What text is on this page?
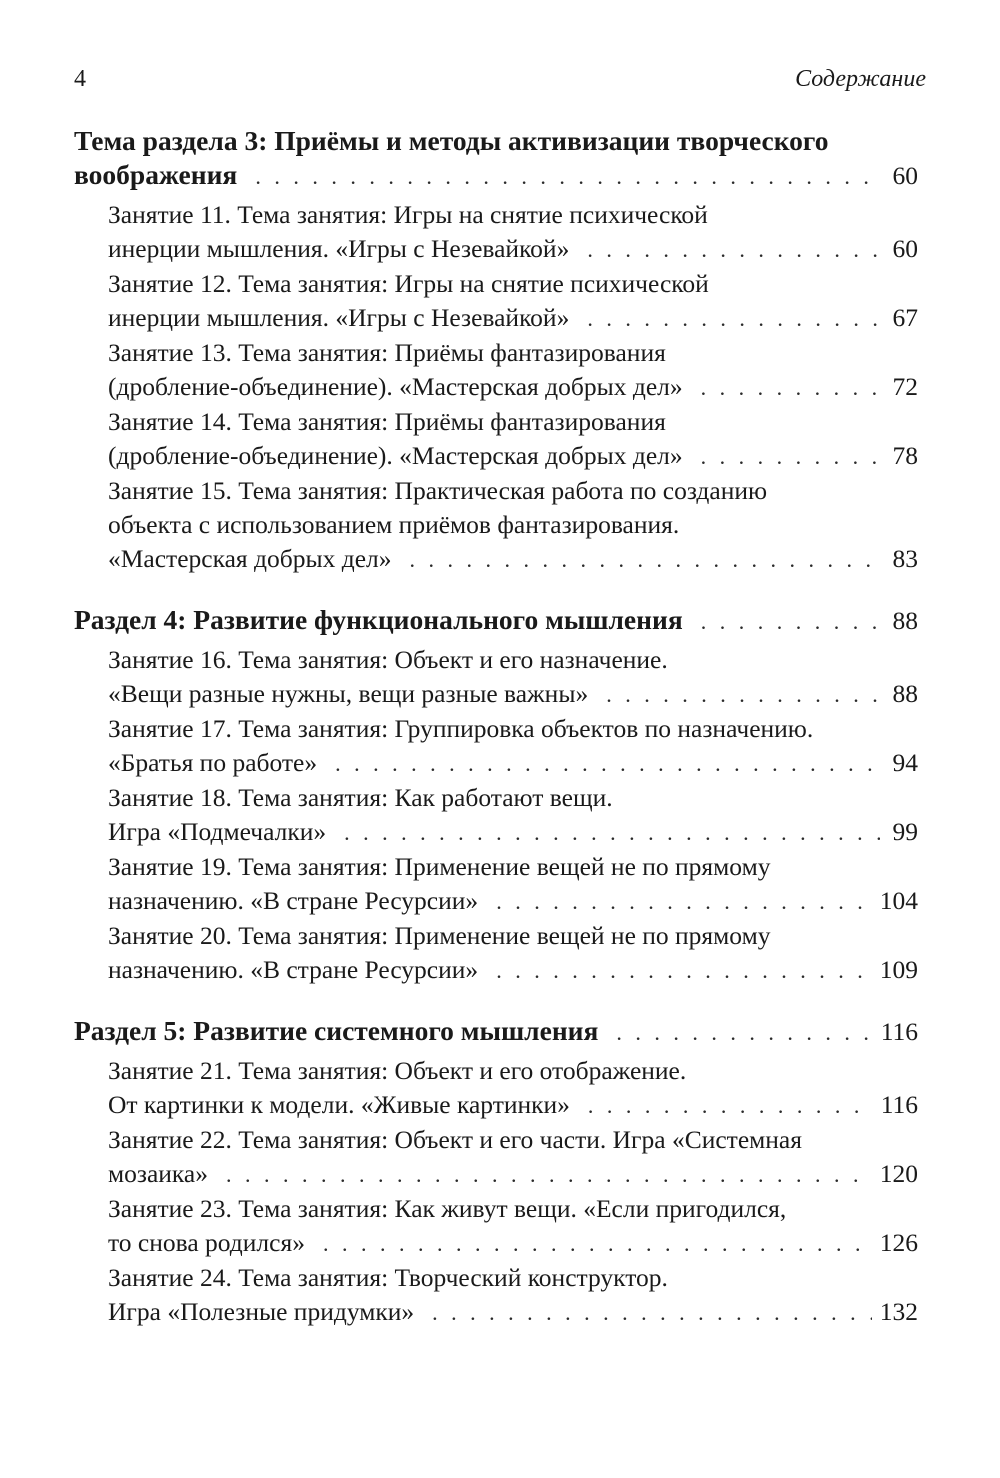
4	Содержание
Тема раздела 3: Приёмы и методы активизации творческого
воображения . . .	60
Занятие 11. Тема занятия: Игры на снятие психической
инерции мышления. «Игры с Незевайкой» . . .	60
Занятие 12. Тема занятия: Игры на снятие психической
инерции мышления. «Игры с Незевайкой» . . .	67
Занятие 13. Тема занятия: Приёмы фантазирования
(дробление-объединение). «Мастерская добрых дел» . . .	72
Занятие 14. Тема занятия: Приёмы фантазирования
(дробление-объединение). «Мастерская добрых дел» . . .	78
Занятие 15. Тема занятия: Практическая работа по созданию
объекта с использованием приёмов фантазирования.
«Мастерская добрых дел» . . .	83
Раздел 4: Развитие функционального мышления . . .	88
Занятие 16. Тема занятия: Объект и его назначение.
«Вещи разные нужны, вещи разные важны» . . .	88
Занятие 17. Тема занятия: Группировка объектов по назначению.
«Братья по работе» . . .	94
Занятие 18. Тема занятия: Как работают вещи.
Игра «Подмечалки» . . .	99
Занятие 19. Тема занятия: Применение вещей не по прямому
назначению. «В стране Ресурсии» . . .	104
Занятие 20. Тема занятия: Применение вещей не по прямому
назначению. «В стране Ресурсии» . . .	109
Раздел 5: Развитие системного мышления . . .	116
Занятие 21. Тема занятия: Объект и его отображение.
От картинки к модели. «Живые картинки» . . .	116
Занятие 22. Тема занятия: Объект и его части. Игра «Системная
мозаика» . . .	120
Занятие 23. Тема занятия: Как живут вещи. «Если пригодился,
то снова родился» . . .	126
Занятие 24. Тема занятия: Творческий конструктор.
Игра «Полезные придумки» . . .	132
